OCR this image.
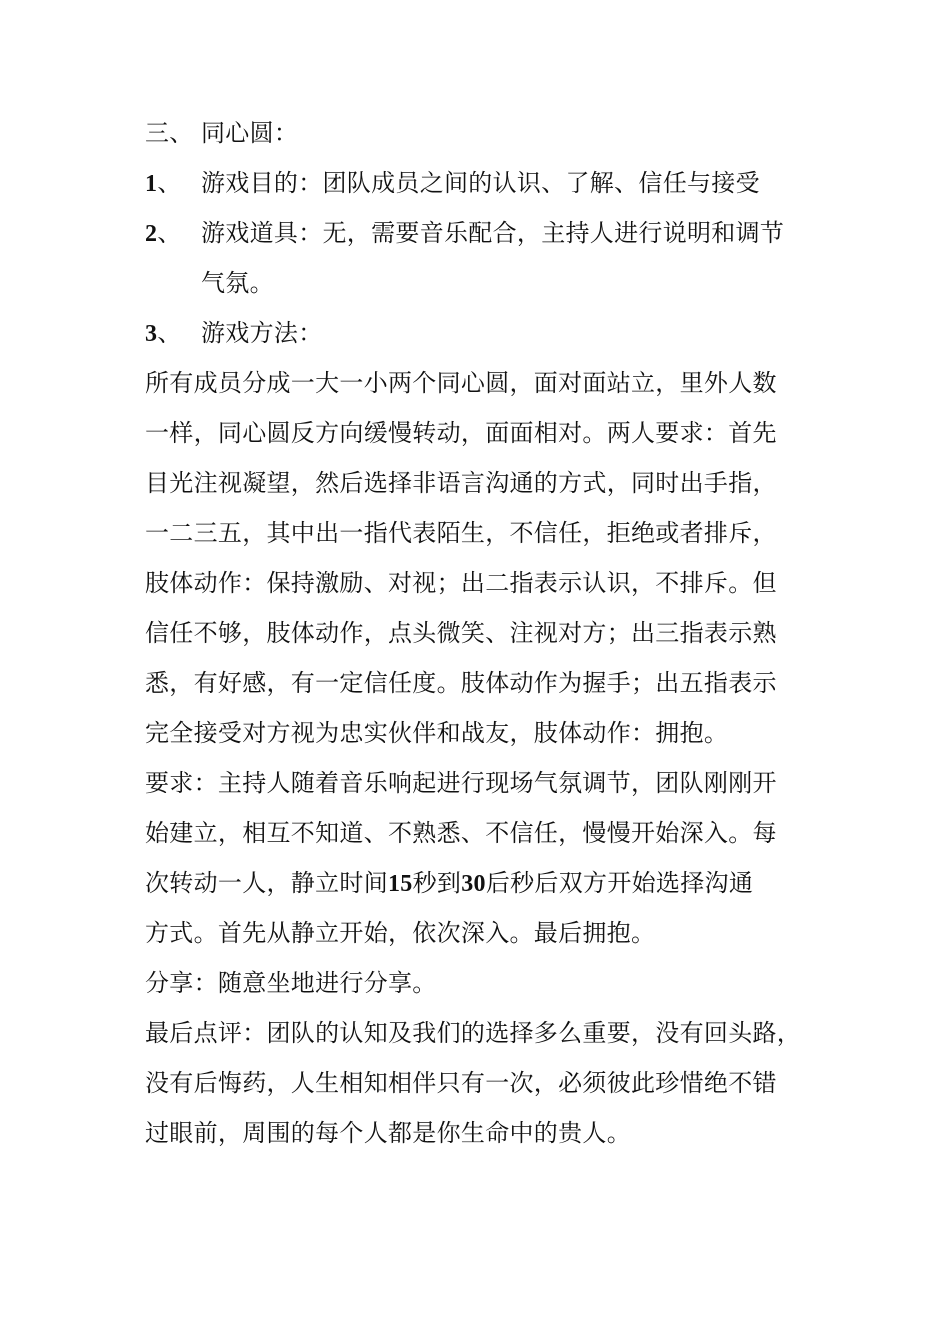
三、 同心圆：
1、 游戏目的：团队成员之间的认识、了解、信任与接受
2、 游戏道具：无，需要音乐配合，主持人进行说明和调节
气氛。
3、 游戏方法：
所有成员分成一大一小两个同心圆，面对面站立，里外人数
一样，同心圆反方向缓慢转动，面面相对。两人要求：首先
目光注视凝望，然后选择非语言沟通的方式，同时出手指，
一二三五，其中出一指代表陌生，不信任，拒绝或者排斥，
肢体动作：保持激励、对视；出二指表示认识，不排斥。但
信任不够，肢体动作，点头微笑、注视对方；出三指表示熟
悉，有好感，有一定信任度。肢体动作为握手；出五指表示
完全接受对方视为忠实伙伴和战友，肢体动作：拥抱。
要求：主持人随着音乐响起进行现场气氛调节，团队刚刚开
始建立，相互不知道、不熟悉、不信任，慢慢开始深入。每
次转动一人，静立时间15秒到30后秒后双方开始选择沟通
方式。首先从静立开始，依次深入。最后拥抱。
分享：随意坐地进行分享。
最后点评：团队的认知及我们的选择多么重要，没有回头路，
没有后悔药，人生相知相伴只有一次，必须彼此珍惜绝不错
过眼前，周围的每个人都是你生命中的贵人。
